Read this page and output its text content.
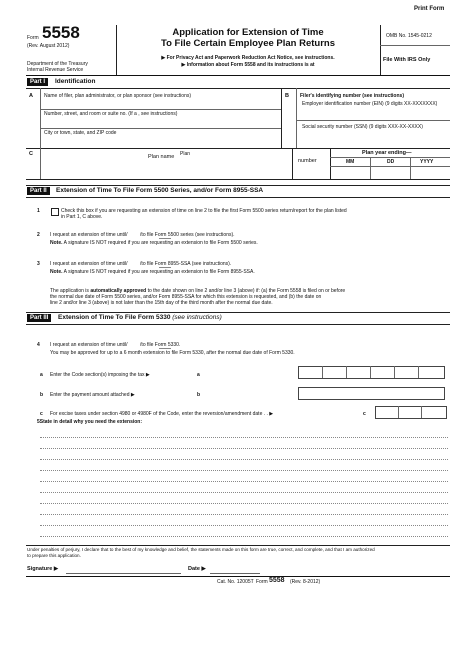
Print Form
Form 5558
(Rev. August 2012)
Department of the Treasury
Internal Revenue Service
Application for Extension of Time
To File Certain Employee Plan Returns
▶ For Privacy Act and Paperwork Reduction Act Notice, see instructions.
▶ Information about Form 5558 and its instructions is at
OMB No. 1545-0212
File With IRS Only
Part I	Identification
A Name of filer, plan administrator, or plan sponsor (see instructions)
Number, street, and room or suite no. (If a , see instructions)
City or town, state, and ZIP code
B Filer's identifying number (see instructions)
Employer identification number (EIN) (9 digits XX-XXXXXXX)
Social security number (SSN) (9 digits XXX-XX-XXXX)
C	Plan name Plan
number
Plan year ending—
MM	DD	YYYY
Part II	Extension of Time To File Form 5500 Series, and/or Form 8955-SSA
1	Check this box if you are requesting an extension of time on line 2 to file the first Form 5500 series return/report for the plan listed
in Part 1, C above.
2 I request an extension of time until/         /to file Form 5500 series (see instructions).
Note. A signature IS NOT required if you are requesting an extension to file Form 5500 series.
3 I request an extension of time until/         /to file Form 8955-SSA (see instructions).
Note. A signature IS NOT required if you are requesting an extension to file Form 8955-SSA.
The application is automatically approved to the date shown on line 2 and/or line 3 (above) if: (a) the Form 5558 is filed on or before
the normal due date of Form 5500 series, and/or Form 8955-SSA for which this extension is requested, and (b) the date on
line 2 and/or line 3 (above) is not later than the 15th day of the third month after the normal due date.
Part III	Extension of Time To File Form 5330 (see instructions)
4 I request an extension of time until/         /to file Form 5330.
You may be approved for up to a 6 month extension to file Form 5330, after the normal due date of Form 5330.
a Enter the Code section(s) imposing the tax ▶	a
b Enter the payment amount attached ▶	b
c For excise taxes under section 4980 or 4980F of the Code, enter the reversion/amendment date . . ▶	c
5State in detail why you need the extension:
Under penalties of perjury, I declare that to the best of my knowledge and belief, the statements made on this form are true, correct, and complete, and that I am authorized
to prepare this application.
Signature ▶	Date ▶
Cat. No. 12005T Form 5558 (Rev. 8-2012)
